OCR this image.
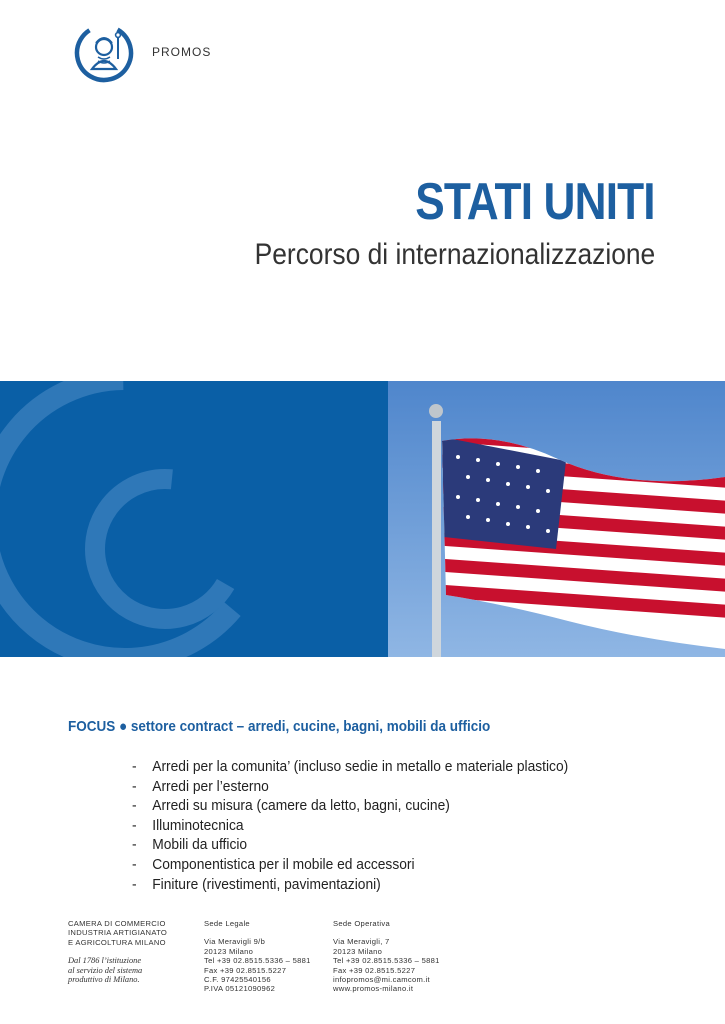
PROMOS
STATI UNITI
Percorso di internazionalizzazione
FOCUS ● settore contract – arredi, cucine, bagni, mobili da ufficio
- Arredi per la comunita’ (incluso sedie in metallo e materiale plastico)
- Arredi per l’esterno
- Arredi su misura (camere da letto, bagni, cucine)
- Illuminotecnica
- Mobili da ufficio
- Componentistica per il mobile ed accessori
- Finiture (rivestimenti, pavimentazioni)
CAMERA DI COMMERCIO
INDUSTRIA ARTIGIANATO
E AGRICOLTURA MILANO
Dal 1786 l’istituzione
al servizio del sistema
produttivo di Milano.
Sede Legale
Via Meravigli 9/b
20123 Milano
Tel +39 02.8515.5336 – 5881
Fax +39 02.8515.5227
C.F. 97425540156
P.IVA 05121090962
Sede Operativa
Via Meravigli, 7
20123 Milano
Tel +39 02.8515.5336 – 5881
Fax +39 02.8515.5227
infopromos@mi.camcom.it
www.promos-milano.it
